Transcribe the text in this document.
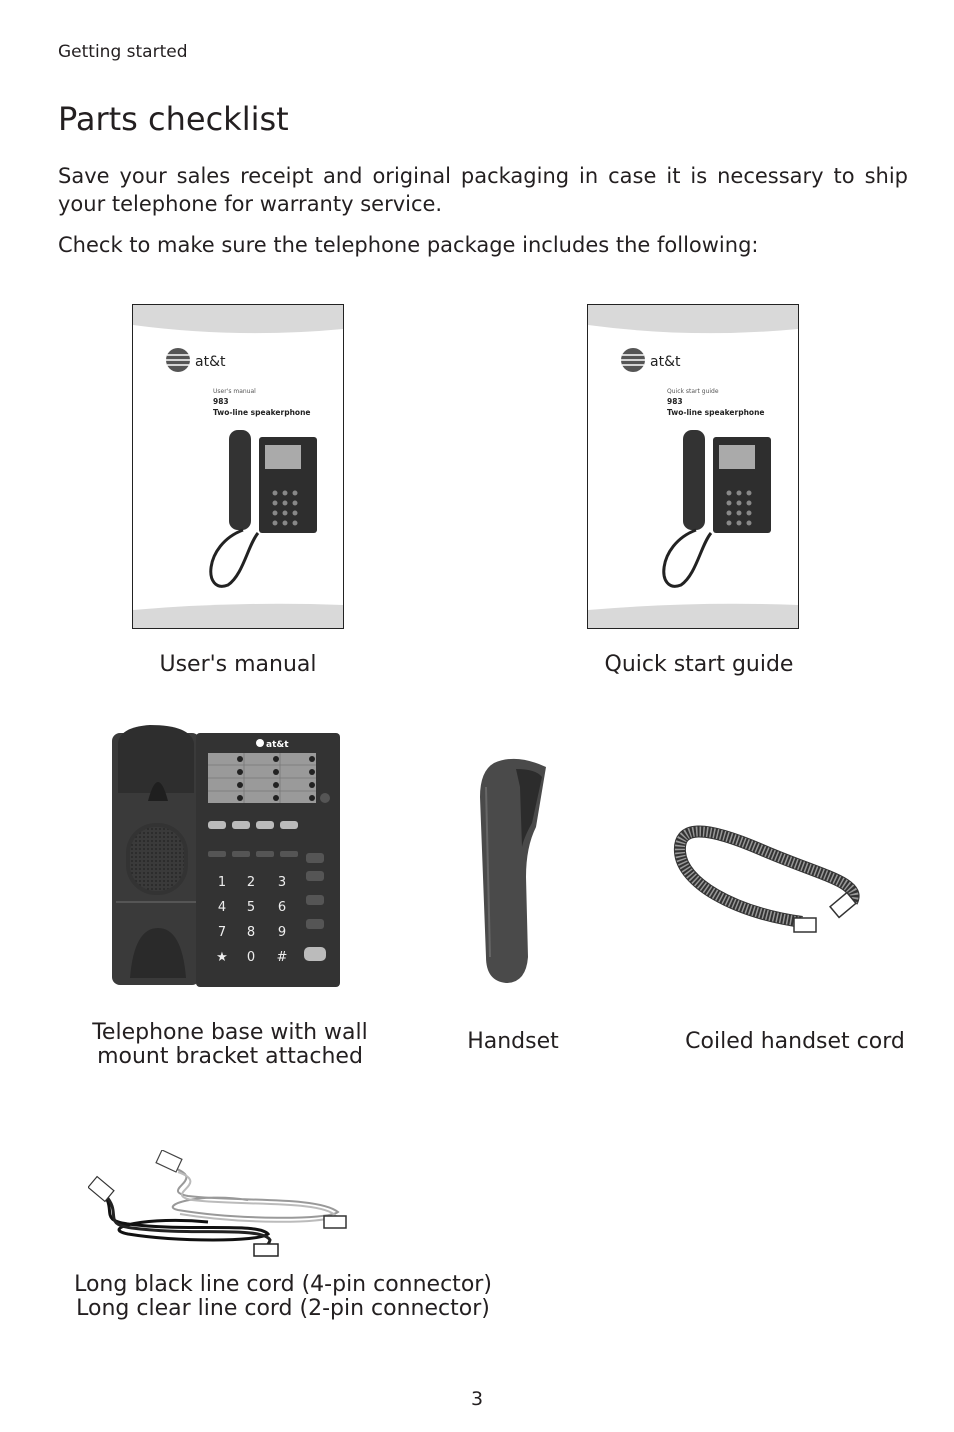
Getting started
Parts checklist

Save your sales receipt and original packaging in case it is necessary to ship your telephone for warranty service.

Check to make sure the telephone package includes the following:

at&t
User's manual
983
Two-line speakerphone
User's manual
at&t
Quick start guide
983
Two-line speakerphone
Quick start guide
at&t
1 2 3
4 5 6
7 8 9
★ 0 #
Telephone base with wall
mount bracket attached
Handset	Coiled handset cord
Long black line cord (4-pin connector)
Long clear line cord (2-pin connector)
3
